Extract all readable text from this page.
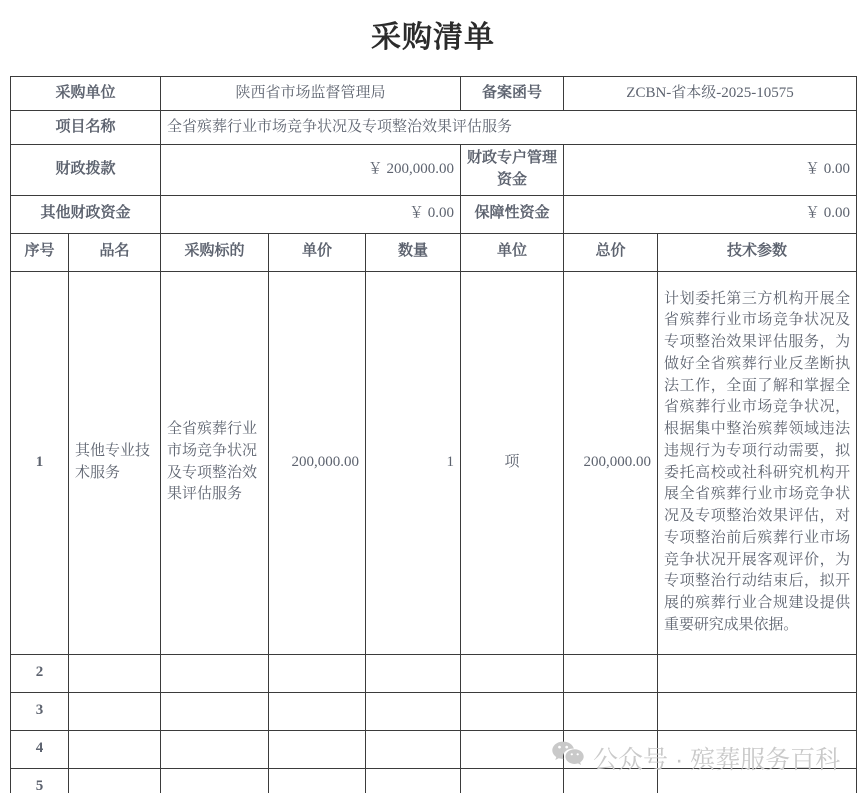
采购清单
采购单位		陕西省市场监督管理局			备案函号	ZCBN-省本级-2025-10575	
项目名称		全省殡葬行业市场竞争状况及专项整治效果评估服务					
财政拨款		￥ 200,000.00			财政专户管理资金	￥ 0.00	
其他财政资金		￥ 0.00			保障性资金	￥ 0.00	
序号	品名	采购标的	单价	数量	单位	总价	技术参数
1	其他专业技术服务	全省殡葬行业市场竞争状况及专项整治效果评估服务	200,000.00	1	项	200,000.00	计划委托第三方机构开展全省殡葬行业市场竞争状况及专项整治效果评估服务，为做好全省殡葬行业反垄断执法工作，全面了解和掌握全省殡葬行业市场竞争状况，根据集中整治殡葬领域违法违规行为专项行动需要，拟委托高校或社科研究机构开展全省殡葬行业市场竞争状况及专项整治效果评估，对专项整治前后殡葬行业市场竞争状况开展客观评价，为专项整治行动结束后，拟开展的殡葬行业合规建设提供重要研究成果依据。
2							
3							
4							
5							
公众号 · 殡葬服务百科
